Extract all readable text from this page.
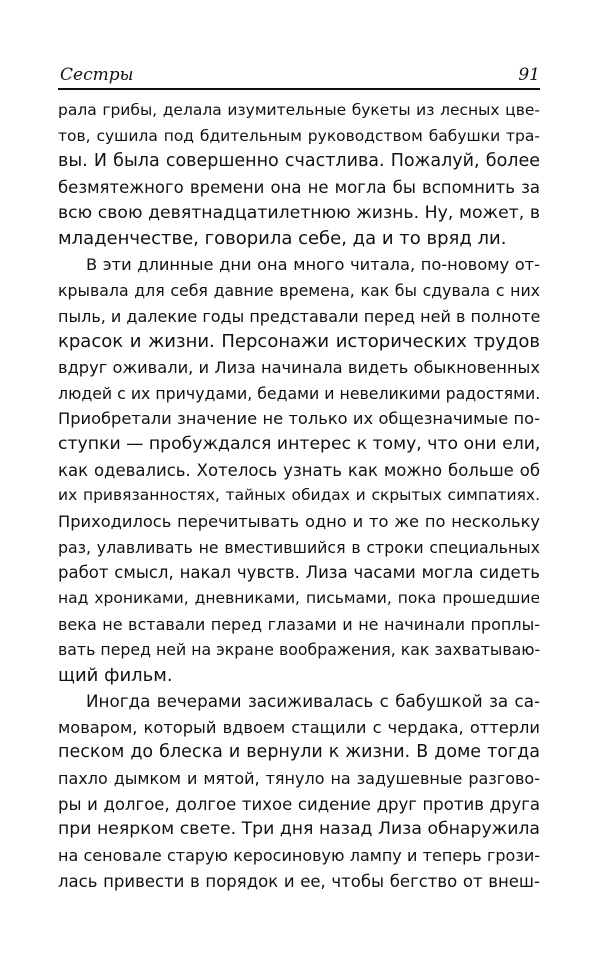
Сестры	91

рала грибы, делала изумительные букеты из лесных цве-
тов, сушила под бдительным руководством бабушки тра-
вы. И была совершенно счастлива. Пожалуй, более
безмятежного времени она не могла бы вспомнить за
всю свою девятнадцатилетнюю жизнь. Ну, может, в
младенчестве, говорила себе, да и то вряд ли.

В эти длинные дни она много читала, по-новому от-
крывала для себя давние времена, как бы сдувала с них
пыль, и далекие годы представали перед ней в полноте
красок и жизни. Персонажи исторических трудов
вдруг оживали, и Лиза начинала видеть обыкновенных
людей с их причудами, бедами и невеликими радостями.
Приобретали значение не только их общезначимые по-
ступки — пробуждался интерес к тому, что они ели,
как одевались. Хотелось узнать как можно больше об
их привязанностях, тайных обидах и скрытых симпатиях.
Приходилось перечитывать одно и то же по нескольку
раз, улавливать не вместившийся в строки специальных
работ смысл, накал чувств. Лиза часами могла сидеть
над хрониками, дневниками, письмами, пока прошедшие
века не вставали перед глазами и не начинали проплы-
вать перед ней на экране воображения, как захватываю-
щий фильм.

Иногда вечерами засиживалась с бабушкой за са-
моваром, который вдвоем стащили с чердака, оттерли
песком до блеска и вернули к жизни. В доме тогда
пахло дымком и мятой, тянуло на задушевные разгово-
ры и долгое, долгое тихое сидение друг против друга
при неярком свете. Три дня назад Лиза обнаружила
на сеновале старую керосиновую лампу и теперь грози-
лась привести в порядок и ее, чтобы бегство от внеш-
